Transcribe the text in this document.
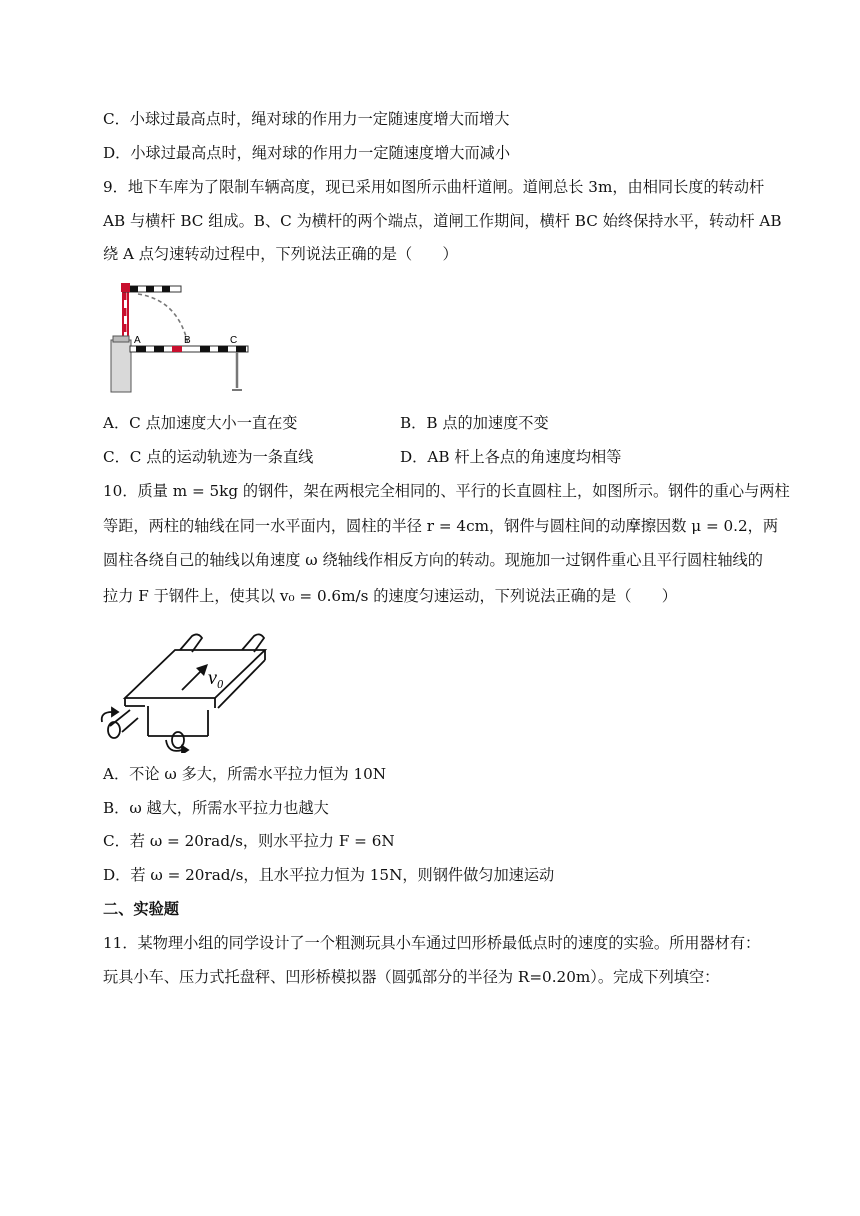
C．小球过最高点时，绳对球的作用力一定随速度增大而增大
D．小球过最高点时，绳对球的作用力一定随速度增大而减小
9．地下车库为了限制车辆高度，现已采用如图所示曲杆道闸。道闸总长 3m，由相同长度的转动杆
AB 与横杆 BC 组成。B、C 为横杆的两个端点，道闸工作期间，横杆 BC 始终保持水平，转动杆 AB
绕 A 点匀速转动过程中，下列说法正确的是（　　）
A	B	C
A．C 点加速度大小一直在变	B．B 点的加速度不变
C．C 点的运动轨迹为一条直线	D．AB 杆上各点的角速度均相等
10．质量 m = 5kg 的钢件，架在两根完全相同的、平行的长直圆柱上，如图所示。钢件的重心与两柱
等距，两柱的轴线在同一水平面内，圆柱的半径 r = 4cm，钢件与圆柱间的动摩擦因数 μ = 0.2，两
圆柱各绕自己的轴线以角速度 ω 绕轴线作相反方向的转动。现施加一过钢件重心且平行圆柱轴线的
拉力 F 于钢件上，使其以 v₀ = 0.6m/s 的速度匀速运动，下列说法正确的是（　　）
v₀
A．不论 ω 多大，所需水平拉力恒为 10N
B．ω 越大，所需水平拉力也越大
C．若 ω = 20rad/s，则水平拉力 F = 6N
D．若 ω = 20rad/s，且水平拉力恒为 15N，则钢件做匀加速运动
二、实验题
11．某物理小组的同学设计了一个粗测玩具小车通过凹形桥最低点时的速度的实验。所用器材有：
玩具小车、压力式托盘秤、凹形桥模拟器（圆弧部分的半径为 R=0.20m）。完成下列填空：
